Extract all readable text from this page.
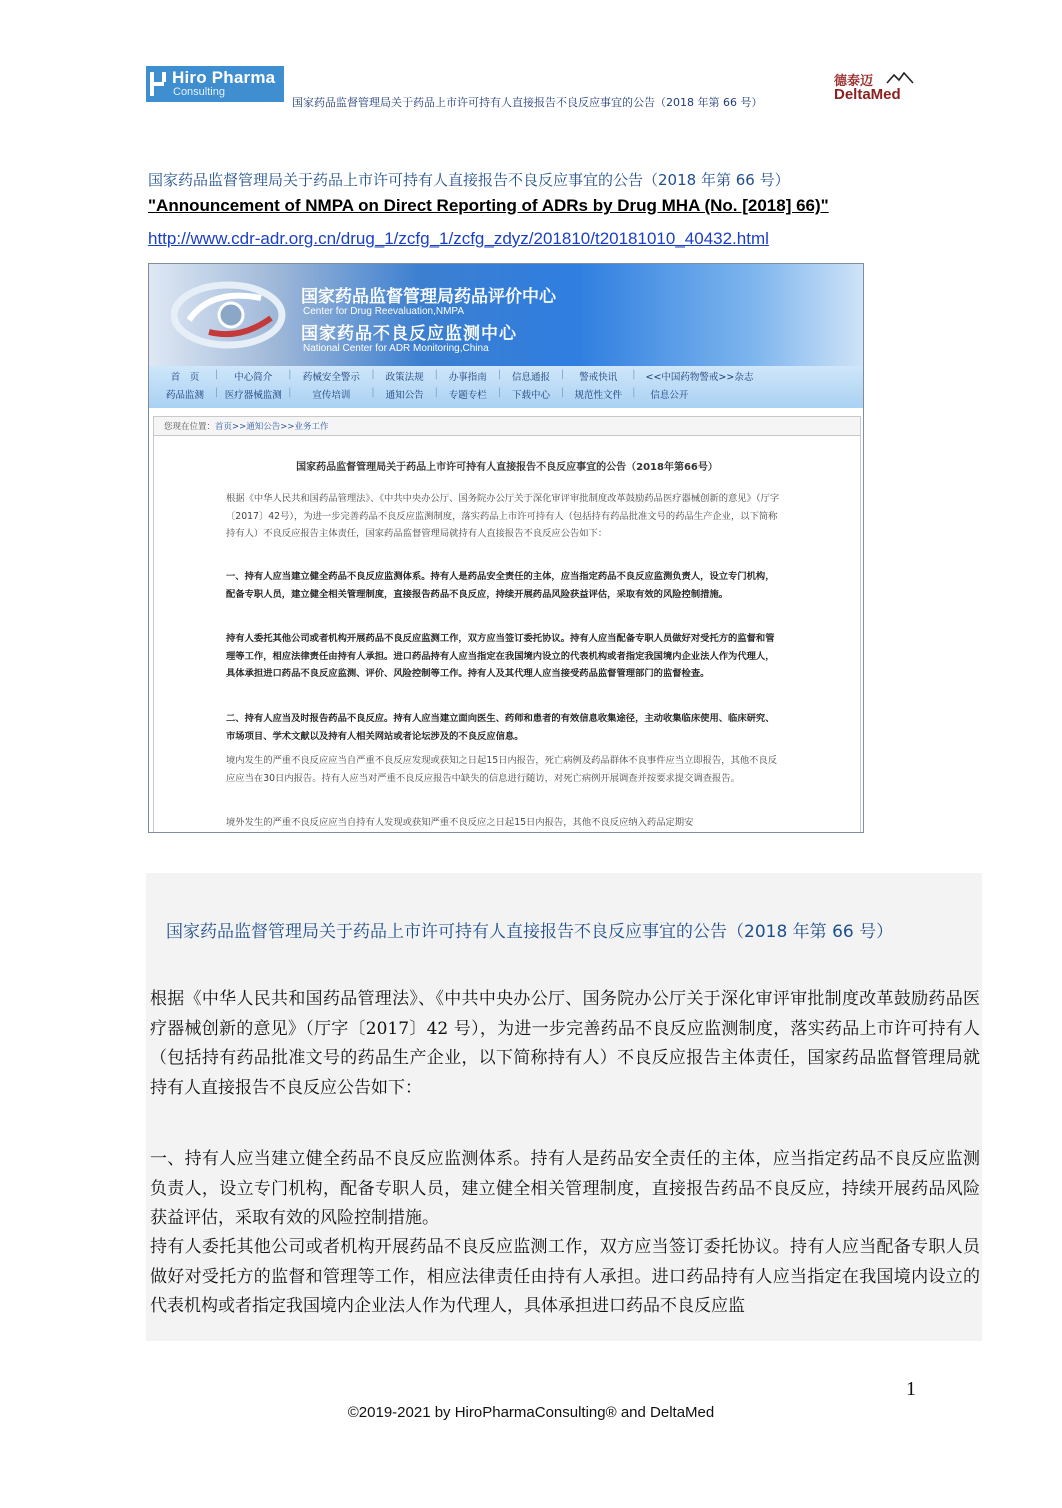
Hiro Pharma
Consulting
国家药品监督管理局关于药品上市许可持有人直接报告不良反应事宜的公告（2018 年第 66 号）
德泰迈
DeltaMed
国家药品监督管理局关于药品上市许可持有人直接报告不良反应事宜的公告（2018 年第 66 号）
"Announcement of NMPA on Direct Reporting of ADRs by Drug MHA (No. [2018] 66)"
http://www.cdr-adr.org.cn/drug_1/zcfg_1/zcfg_zdyz/201810/t20181010_40432.html
国家药品监督管理局药品评价中心
Center for Drug Reevaluation,NMPA
国家药品不良反应监测中心
National Center for ADR Monitoring,China
首　页	|	中心简介	|	药械安全警示	|	政策法规	|	办事指南	|	信息通报	|	警戒快讯	|	<<中国药物警戒>>杂志
药品监测	| 医疗器械监测 |	宣传培训	|	通知公告	|	专题专栏	|	下载中心	|	规范性文件	|	信息公开
您现在位置：首页>>通知公告>>业务工作
国家药品监督管理局关于药品上市许可持有人直接报告不良反应事宜的公告（2018年第66号）

根据《中华人民共和国药品管理法》、《中共中央办公厅、国务院办公厅关于深化审评审批制度改革鼓励药品医疗器械创新的意见》（厅字〔2017〕42号），为进一步完善药品不良反应监测制度，落实药品上市许可持有人（包括持有药品批准文号的药品生产企业，以下简称持有人）不良反应报告主体责任，国家药品监督管理局就持有人直接报告不良反应公告如下：

一、持有人应当建立健全药品不良反应监测体系。持有人是药品安全责任的主体，应当指定药品不良反应监测负责人，设立专门机构，配备专职人员，建立健全相关管理制度，直接报告药品不良反应，持续开展药品风险获益评估，采取有效的风险控制措施。

持有人委托其他公司或者机构开展药品不良反应监测工作，双方应当签订委托协议。持有人应当配备专职人员做好对受托方的监督和管理等工作，相应法律责任由持有人承担。进口药品持有人应当指定在我国境内设立的代表机构或者指定我国境内企业法人作为代理人，具体承担进口药品不良反应监测、评价、风险控制等工作。持有人及其代理人应当接受药品监督管理部门的监督检查。

二、持有人应当及时报告药品不良反应。持有人应当建立面向医生、药师和患者的有效信息收集途径，主动收集临床使用、临床研究、市场项目、学术文献以及持有人相关网站或者论坛涉及的不良反应信息。

境内发生的严重不良反应应当自严重不良反应发现或获知之日起15日内报告，死亡病例及药品群体不良事件应当立即报告，其他不良反应应当在30日内报告。持有人应当对严重不良反应报告中缺失的信息进行随访，对死亡病例开展调查并按要求提交调查报告。

境外发生的严重不良反应应当自持有人发现或获知严重不良反应之日起15日内报告，其他不良反应纳入药品定期安

国家药品监督管理局关于药品上市许可持有人直接报告不良反应事宜的公告（2018 年第 66 号）

根据《中华人民共和国药品管理法》、《中共中央办公厅、国务院办公厅关于深化审评审批制度改革鼓励药品医疗器械创新的意见》（厅字〔2017〕42 号），为进一步完善药品不良反应监测制度，落实药品上市许可持有人（包括持有药品批准文号的药品生产企业，以下简称持有人）不良反应报告主体责任，国家药品监督管理局就持有人直接报告不良反应公告如下：

一、持有人应当建立健全药品不良反应监测体系。持有人是药品安全责任的主体，应当指定药品不良反应监测负责人，设立专门机构，配备专职人员，建立健全相关管理制度，直接报告药品不良反应，持续开展药品风险获益评估，采取有效的风险控制措施。

持有人委托其他公司或者机构开展药品不良反应监测工作，双方应当签订委托协议。持有人应当配备专职人员做好对受托方的监督和管理等工作，相应法律责任由持有人承担。进口药品持有人应当指定在我国境内设立的代表机构或者指定我国境内企业法人作为代理人，具体承担进口药品不良反应监

1
©2019-2021 by HiroPharmaConsulting® and DeltaMed
